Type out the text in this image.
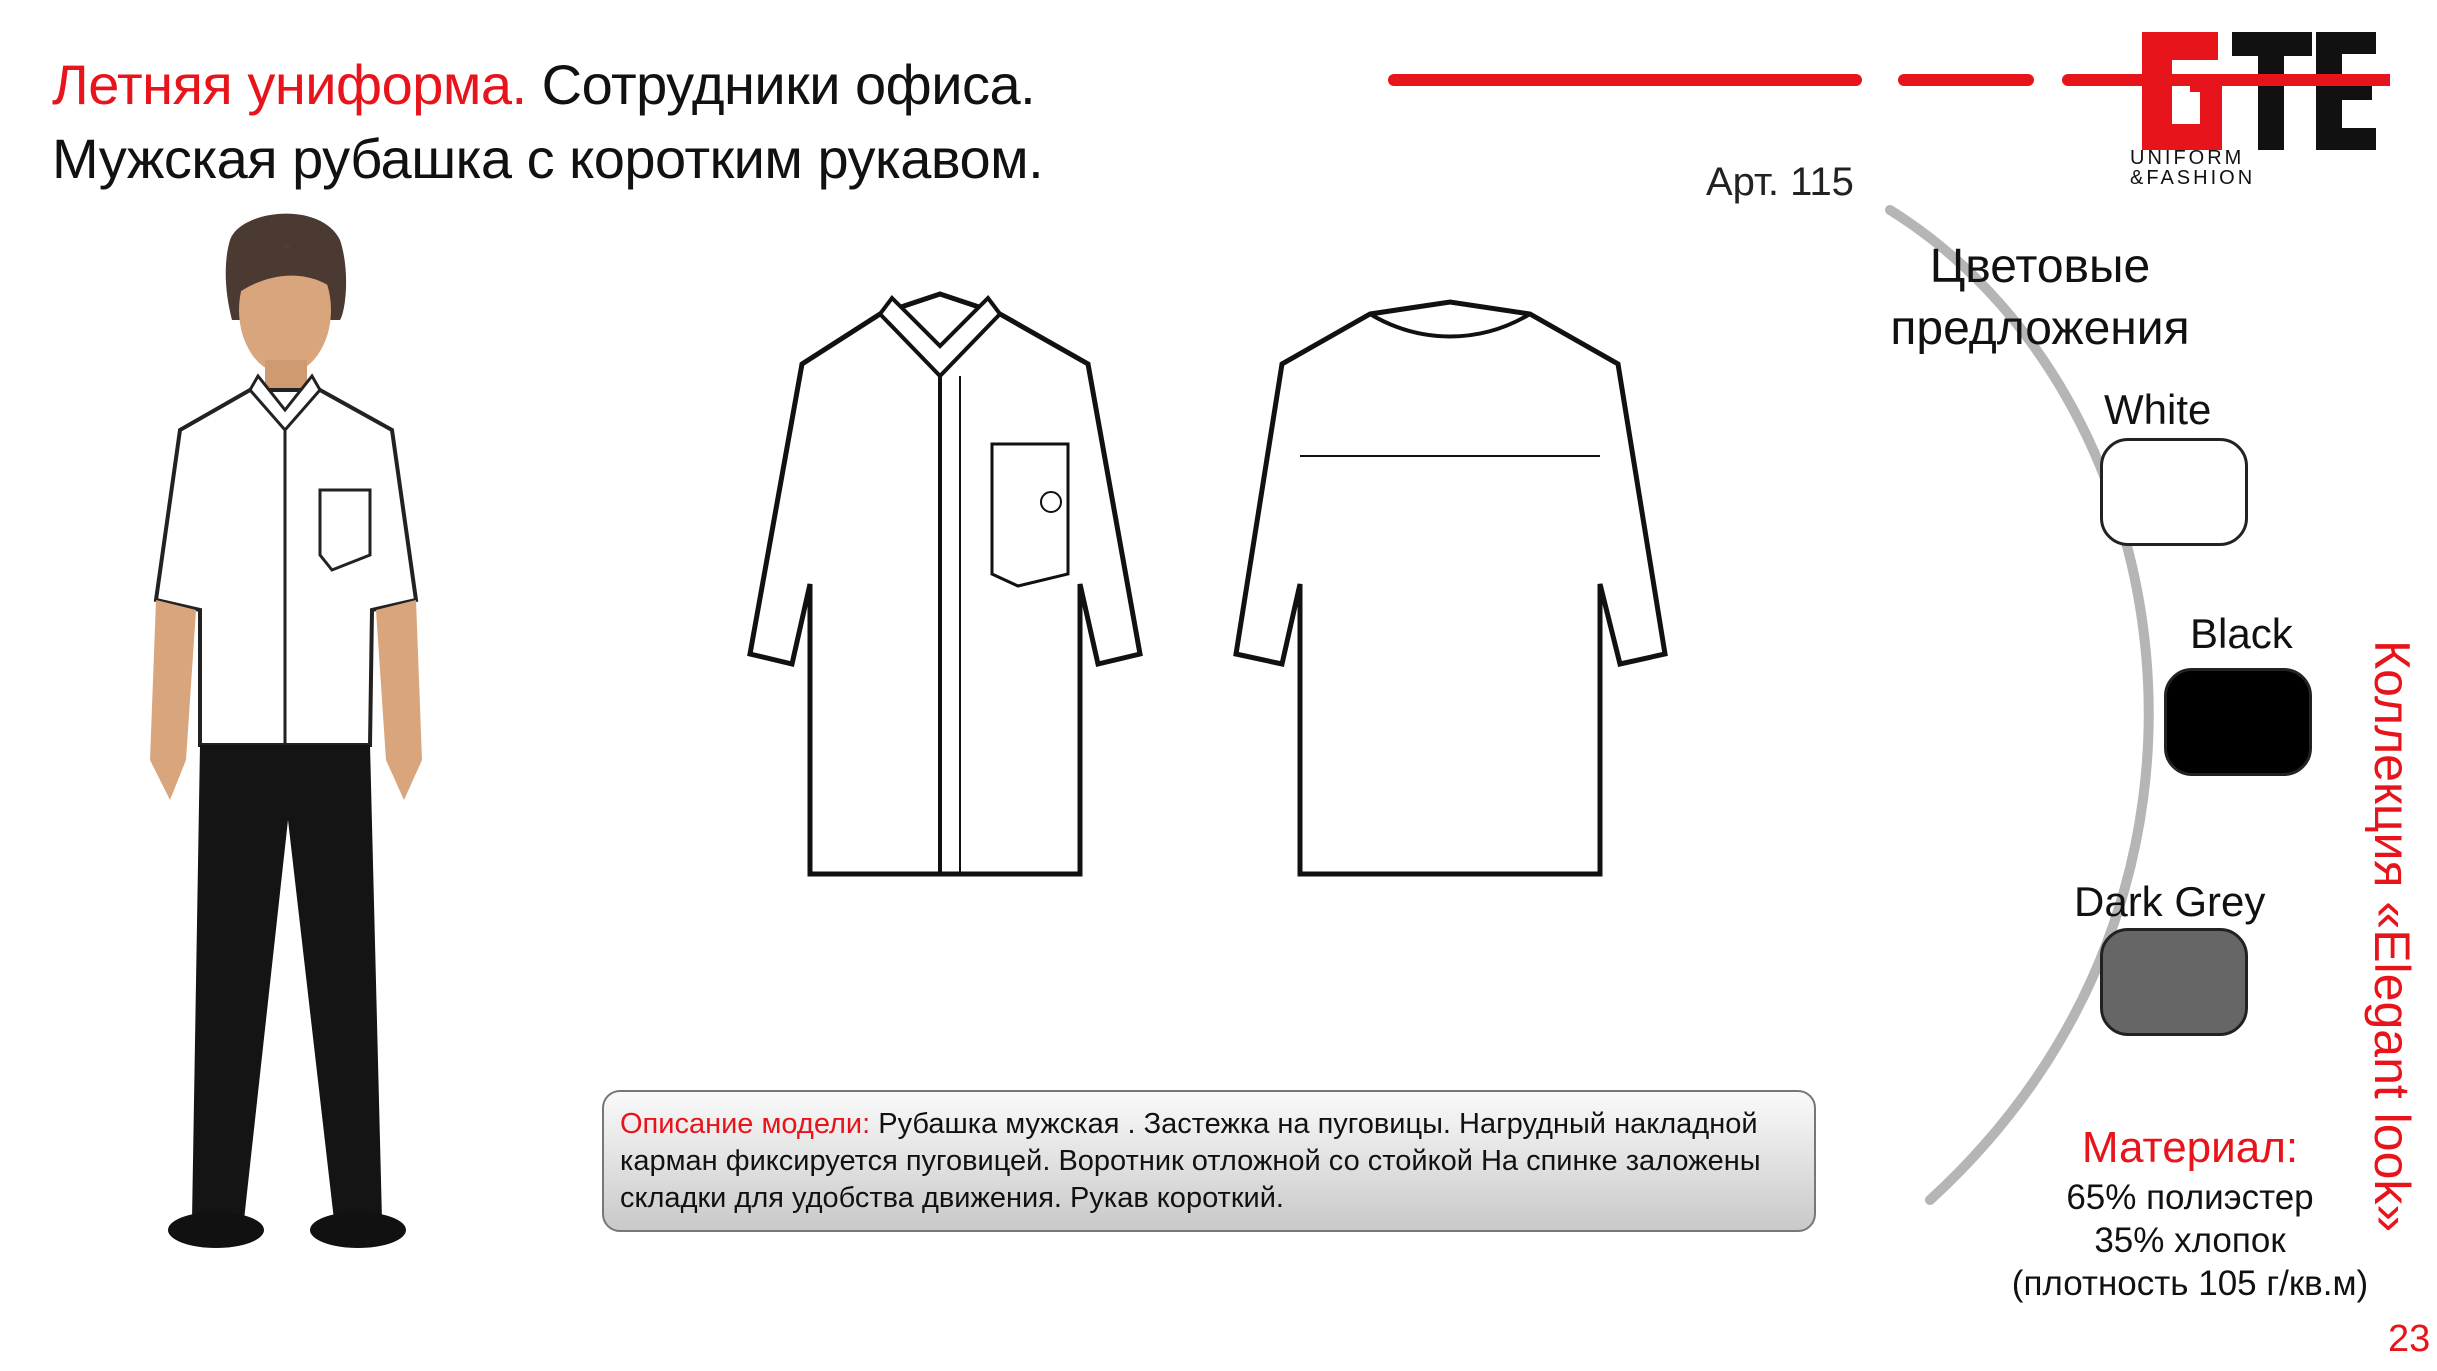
Летняя униформа. Сотрудники офиса.
Мужская рубашка с коротким рукавом.	UNIFORM
&FASHION
Арт. 115
Цветовые
предложения
White
Black
Dark Grey
Материал:
65% полиэстер
35% хлопок
(плотность 105 г/кв.м)
Коллекция «Elegant look»
23
Описание модели: Рубашка мужская . Застежка на пуговицы. Нагрудный накладной карман фиксируется пуговицей. Воротник отложной со стойкой На спинке заложены складки для удобства движения. Рукав короткий.
